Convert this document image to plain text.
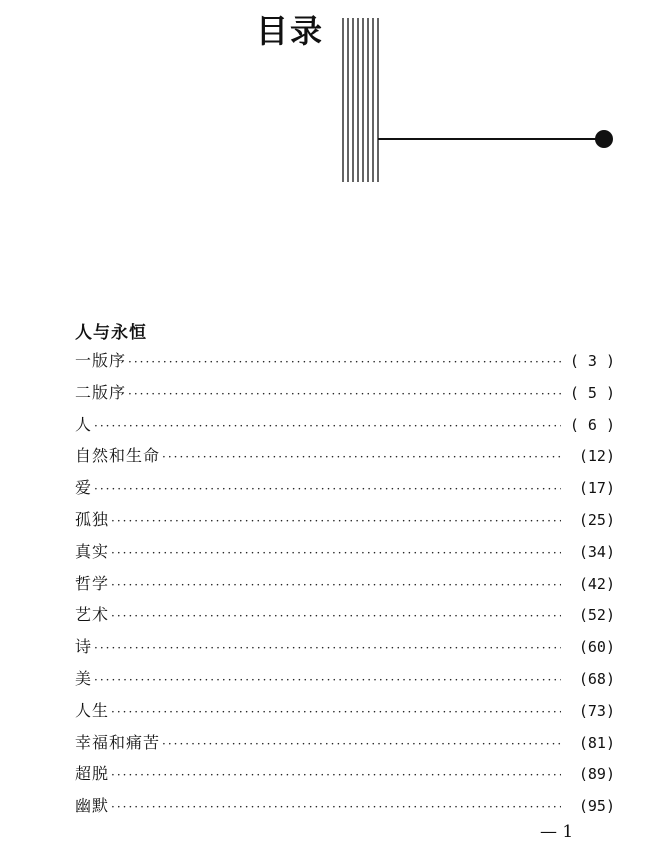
目录
人与永恒
一版序 ·····	( 3 )
二版序 ·····	( 5 )
人 ·····	( 6 )
自然和生命 ·····	(12)
爱 ·····	(17)
孤独 ·····	(25)
真实 ·····	(34)
哲学 ·····	(42)
艺术 ·····	(52)
诗 ·····	(60)
美 ·····	(68)
人生 ·····	(73)
幸福和痛苦 ·····	(81)
超脱 ·····	(89)
幽默 ·····	(95)
— 1
